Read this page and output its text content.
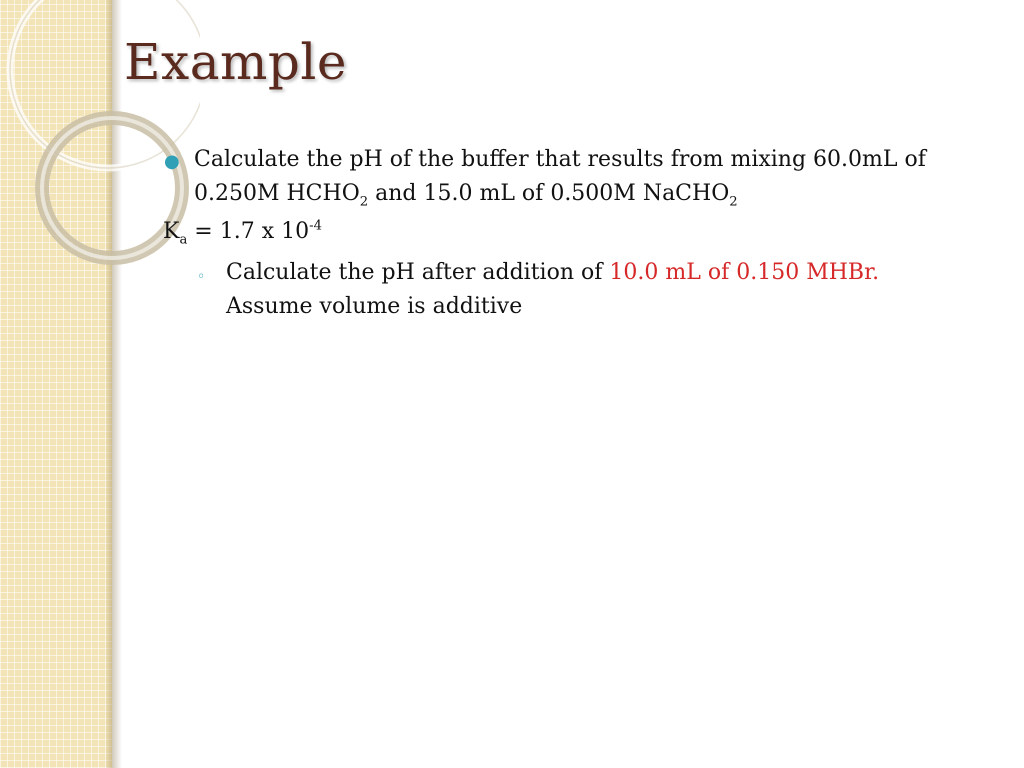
Example
● Calculate the pH of the buffer that results from mixing 60.0mL of
0.250M $HCHO_2$ and 15.0 mL of 0.500M NaCHO$_2$
$K_a = 1.7$ x $10^{-4}$
◦ Calculate the pH after addition of 10.0 mL of 0.150 MHBr.
Assume volume is additive
